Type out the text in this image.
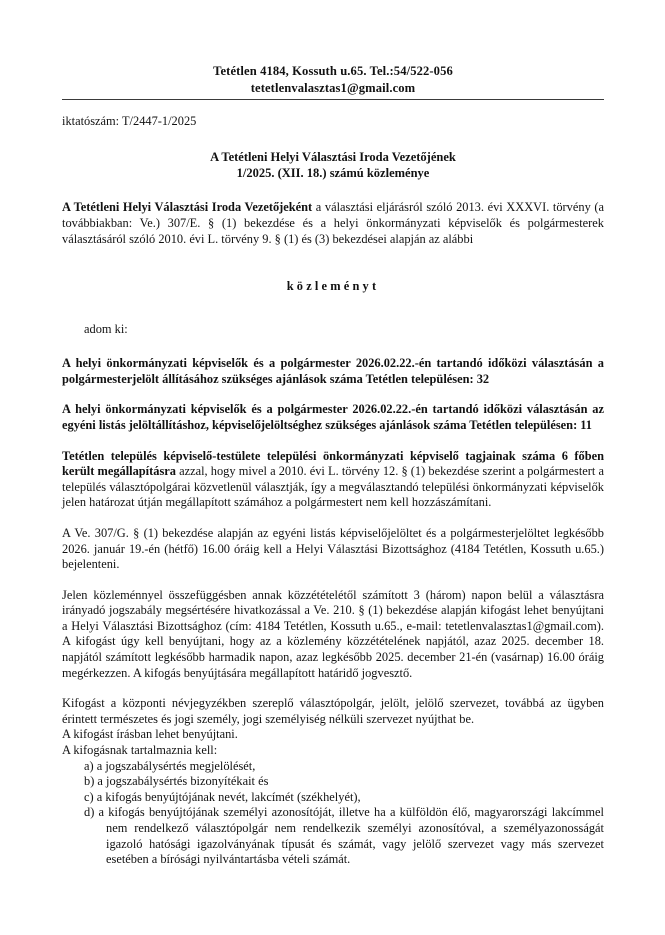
Tetétlen 4184, Kossuth u.65. Tel.:54/522-056
tetetlenvalasztas1@gmail.com

iktatószám: T/2447-1/2025

A Tetétleni Helyi Választási Iroda Vezetőjének
1/2025. (XII. 18.) számú közleménye

A Tetétleni Helyi Választási Iroda Vezetőjeként a választási eljárásról szóló 2013. évi XXXVI. törvény (a továbbiakban: Ve.) 307/E. § (1) bekezdése és a helyi önkormányzati képviselők és polgármesterek választásáról szóló 2010. évi L. törvény 9. § (1) és (3) bekezdései alapján az alábbi

közleményt

adom ki:

A helyi önkormányzati képviselők és a polgármester 2026.02.22.-én tartandó időközi választásán a polgármesterjelölt állításához szükséges ajánlások száma Tetétlen településen: 32

A helyi önkormányzati képviselők és a polgármester 2026.02.22.-én tartandó időközi választásán az egyéni listás jelöltállításhoz, képviselőjelöltséghez szükséges ajánlások száma Tetétlen településen: 11

Tetétlen település képviselő-testülete települési önkormányzati képviselő tagjainak száma 6 főben került megállapításra azzal, hogy mivel a 2010. évi L. törvény 12. § (1) bekezdése szerint a polgármestert a település választópolgárai közvetlenül választják, így a megválasztandó települési önkormányzati képviselők jelen határozat útján megállapított számához a polgármestert nem kell hozzászámítani.

A Ve. 307/G. § (1) bekezdése alapján az egyéni listás képviselőjelöltet és a polgármesterjelöltet legkésőbb 2026. január 19.-én (hétfő) 16.00 óráig kell a Helyi Választási Bizottsághoz (4184 Tetétlen, Kossuth u.65.) bejelenteni.

Jelen közleménnyel összefüggésben annak közzétételétől számított 3 (három) napon belül a választásra irányadó jogszabály megsértésére hivatkozással a Ve. 210. § (1) bekezdése alapján kifogást lehet benyújtani a Helyi Választási Bizottsághoz (cím: 4184 Tetétlen, Kossuth u.65., e-mail: tetetlenvalasztas1@gmail.com). A kifogást úgy kell benyújtani, hogy az a közlemény közzétételének napjától, azaz 2025. december 18. napjától számított legkésőbb harmadik napon, azaz legkésőbb 2025. december 21-én (vasárnap) 16.00 óráig megérkezzen. A kifogás benyújtására megállapított határidő jogvesztő.

Kifogást a központi névjegyzékben szereplő választópolgár, jelölt, jelölő szervezet, továbbá az ügyben érintett természetes és jogi személy, jogi személyiség nélküli szervezet nyújthat be.

A kifogást írásban lehet benyújtani.

A kifogásnak tartalmaznia kell:

a) a jogszabálysértés megjelölését,

b) a jogszabálysértés bizonyítékait és

c) a kifogás benyújtójának nevét, lakcímét (székhelyét),

d) a kifogás benyújtójának személyi azonosítóját, illetve ha a külföldön élő, magyarországi lakcímmel nem rendelkező választópolgár nem rendelkezik személyi azonosítóval, a személyazonosságát igazoló hatósági igazolványának típusát és számát, vagy jelölő szervezet vagy más szervezet esetében a bírósági nyilvántartásba vételi számát.
